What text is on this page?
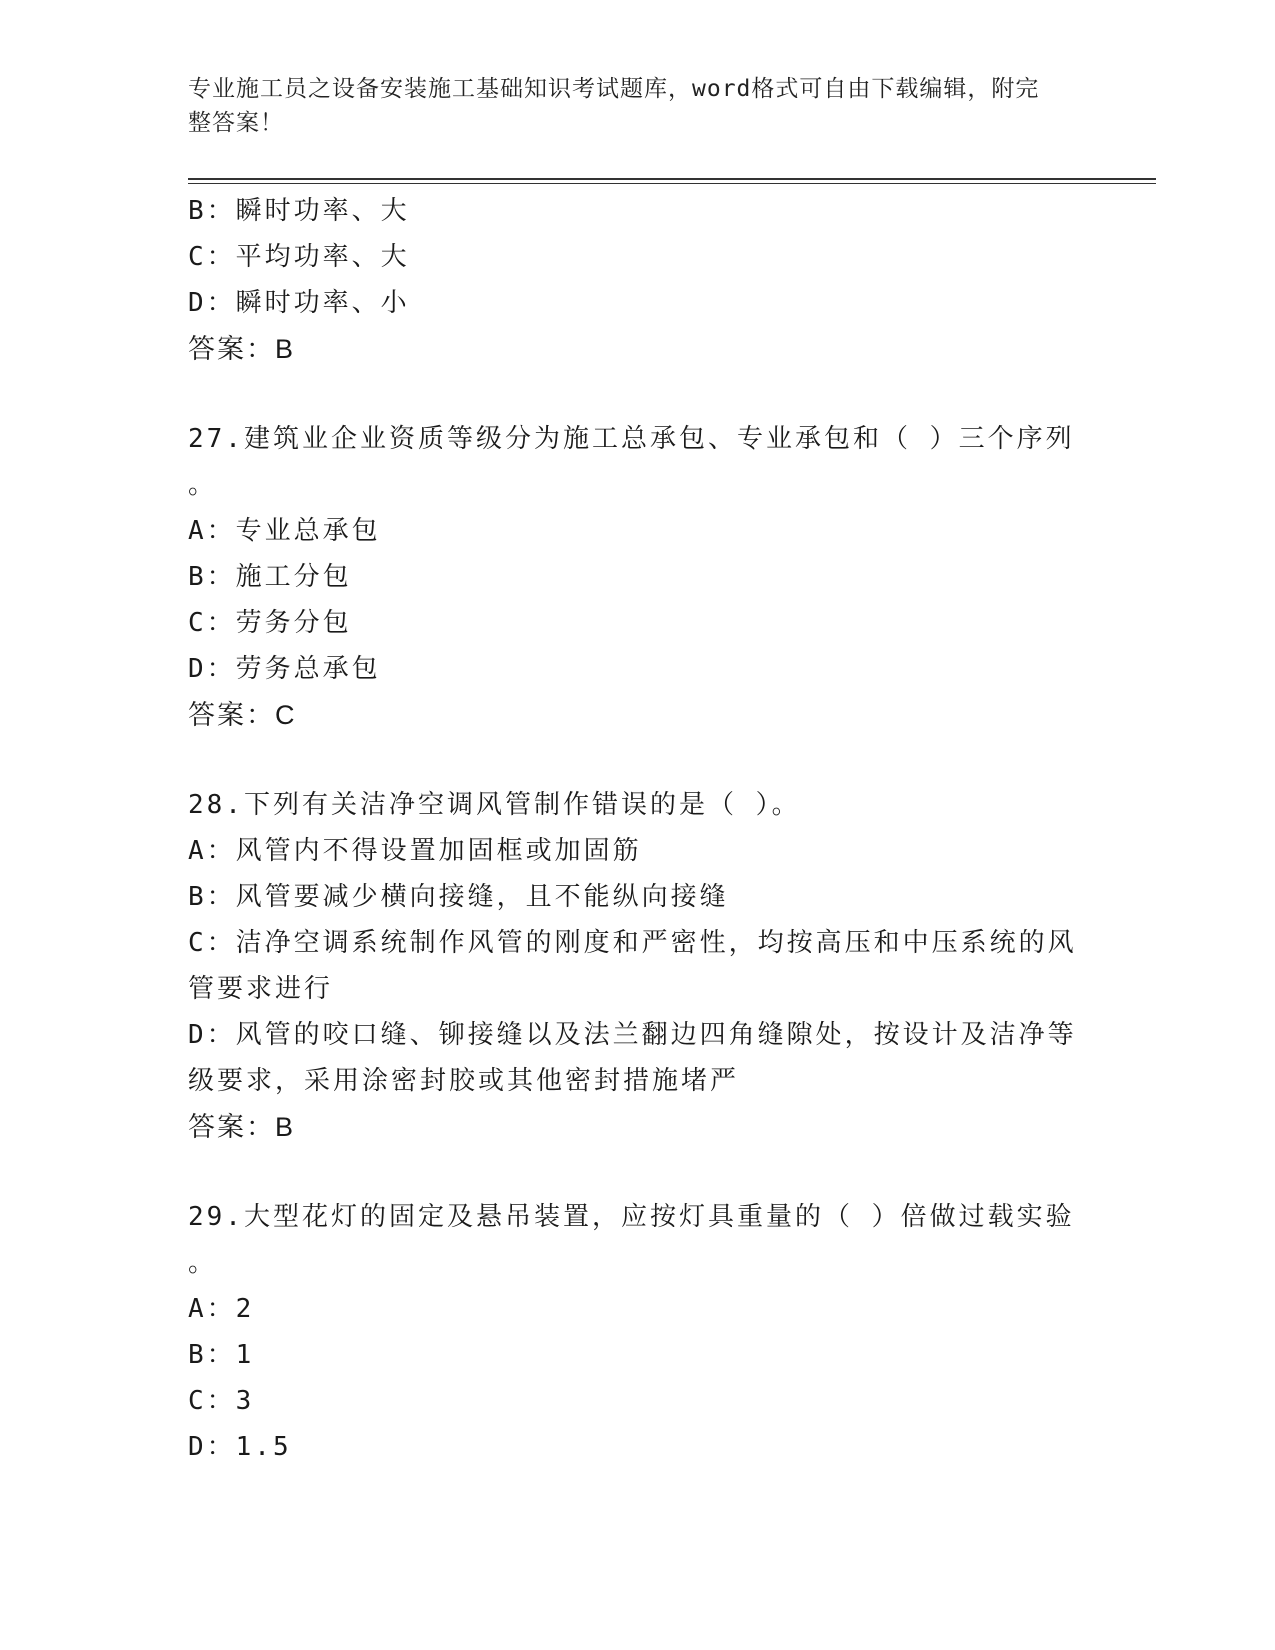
专业施工员之设备安装施工基础知识考试题库，word格式可自由下载编辑，附完
整答案！
B：瞬时功率、大
C：平均功率、大
D：瞬时功率、小
答案：B
27.建筑业企业资质等级分为施工总承包、专业承包和（ ）三个序列
。
A：专业总承包
B：施工分包
C：劳务分包
D：劳务总承包
答案：C
28.下列有关洁净空调风管制作错误的是（ ）。
A：风管内不得设置加固框或加固筋
B：风管要减少横向接缝，且不能纵向接缝
C：洁净空调系统制作风管的刚度和严密性，均按高压和中压系统的风
管要求进行
D：风管的咬口缝、铆接缝以及法兰翻边四角缝隙处，按设计及洁净等
级要求，采用涂密封胶或其他密封措施堵严
答案：B
29.大型花灯的固定及悬吊装置，应按灯具重量的（ ）倍做过载实验
。
A：2
B：1
C：3
D：1.5
